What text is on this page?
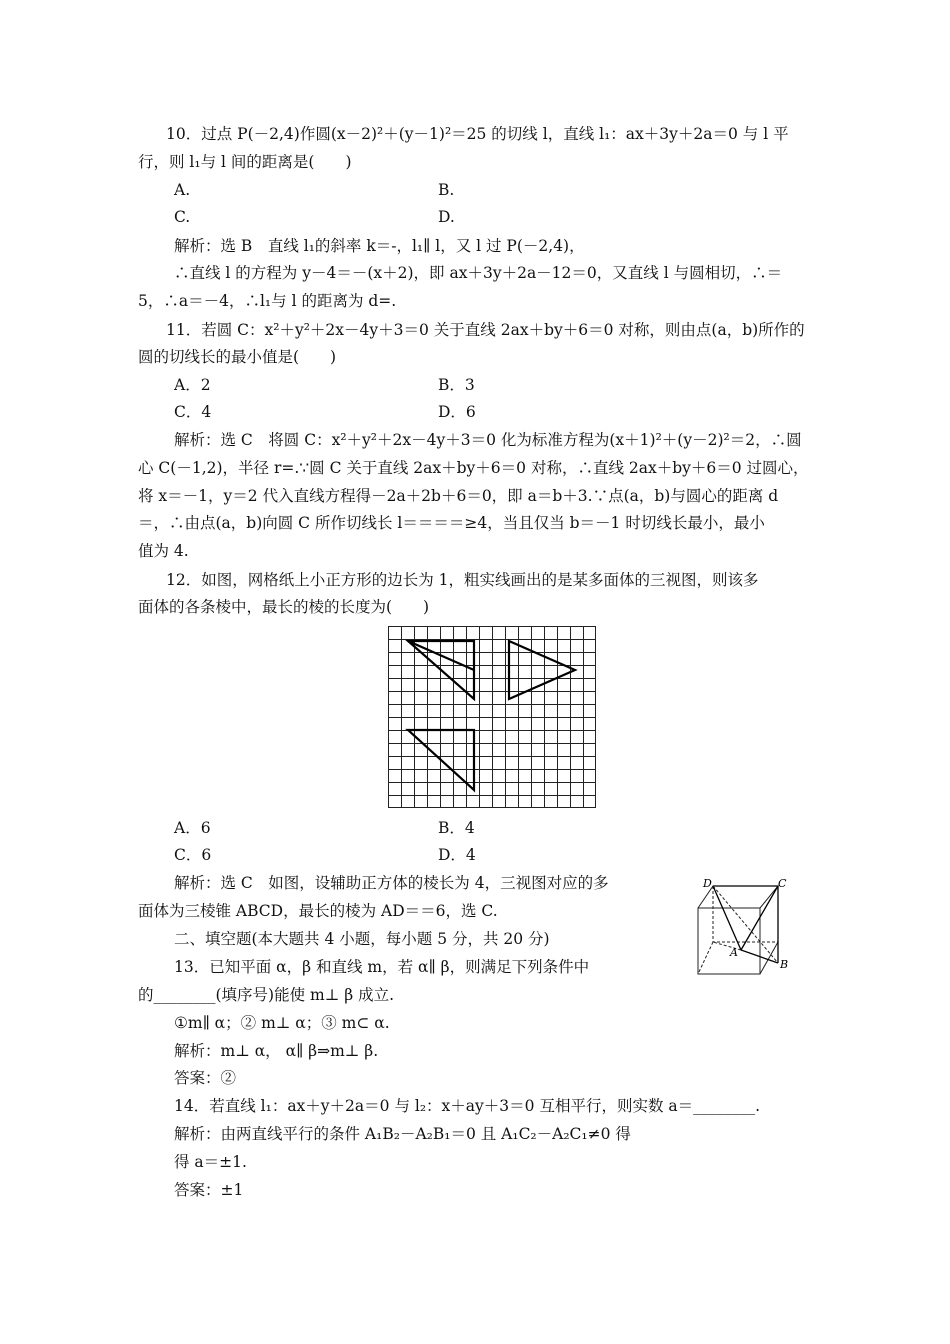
10．过点 P(－2,4)作圆(x－2)²＋(y－1)²＝25 的切线 l，直线 l₁：ax＋3y＋2a＝0 与 l 平
行，则 l₁与 l 间的距离是(　　)
A.	B.
C.	D.
解析：选 B　直线 l₁的斜率 k＝-，l₁∥ l，又 l 过 P(－2,4)，
∴直线 l 的方程为 y－4＝－(x＋2)，即 ax＋3y＋2a－12＝0，又直线 l 与圆相切，∴＝
5，∴a＝－4，∴l₁与 l 的距离为 d=.
11．若圆 C：x²＋y²＋2x－4y＋3＝0 关于直线 2ax＋by＋6＝0 对称，则由点(a，b)所作的
圆的切线长的最小值是(　　)
A．2	B．3
C．4	D．6
解析：选 C　将圆 C：x²＋y²＋2x－4y＋3＝0 化为标准方程为(x＋1)²＋(y－2)²＝2，∴圆
心 C(－1,2)，半径 r=.∵圆 C 关于直线 2ax＋by＋6＝0 对称，∴直线 2ax＋by＋6＝0 过圆心，
将 x＝－1，y＝2 代入直线方程得－2a＋2b＋6＝0，即 a＝b＋3.∵点(a，b)与圆心的距离 d
＝，∴由点(a，b)向圆 C 所作切线长 l＝＝＝＝≥4，当且仅当 b＝－1 时切线长最小，最小
值为 4.
12．如图，网格纸上小正方形的边长为 1，粗实线画出的是某多面体的三视图，则该多
面体的各条棱中，最长的棱的长度为(　　)
A．6	B．4
C．6	D．4
解析：选 C　如图，设辅助正方体的棱长为 4，三视图对应的多
面体为三棱锥 ABCD，最长的棱为 AD＝＝6，选 C.
D	C
A
B
二、填空题(本大题共 4 小题，每小题 5 分，共 20 分)
13．已知平面 α，β 和直线 m，若 α∥ β，则满足下列条件中
的________(填序号)能使 m⊥ β 成立.
①m∥ α；② m⊥ α；③ m⊂ α.
解析：m⊥ α， α∥ β⇒m⊥ β.
答案：②
14．若直线 l₁：ax＋y＋2a＝0 与 l₂：x＋ay＋3＝0 互相平行，则实数 a＝________.
解析：由两直线平行的条件 A₁B₂－A₂B₁＝0 且 A₁C₂－A₂C₁≠0 得
得 a＝±1.
答案：±1
